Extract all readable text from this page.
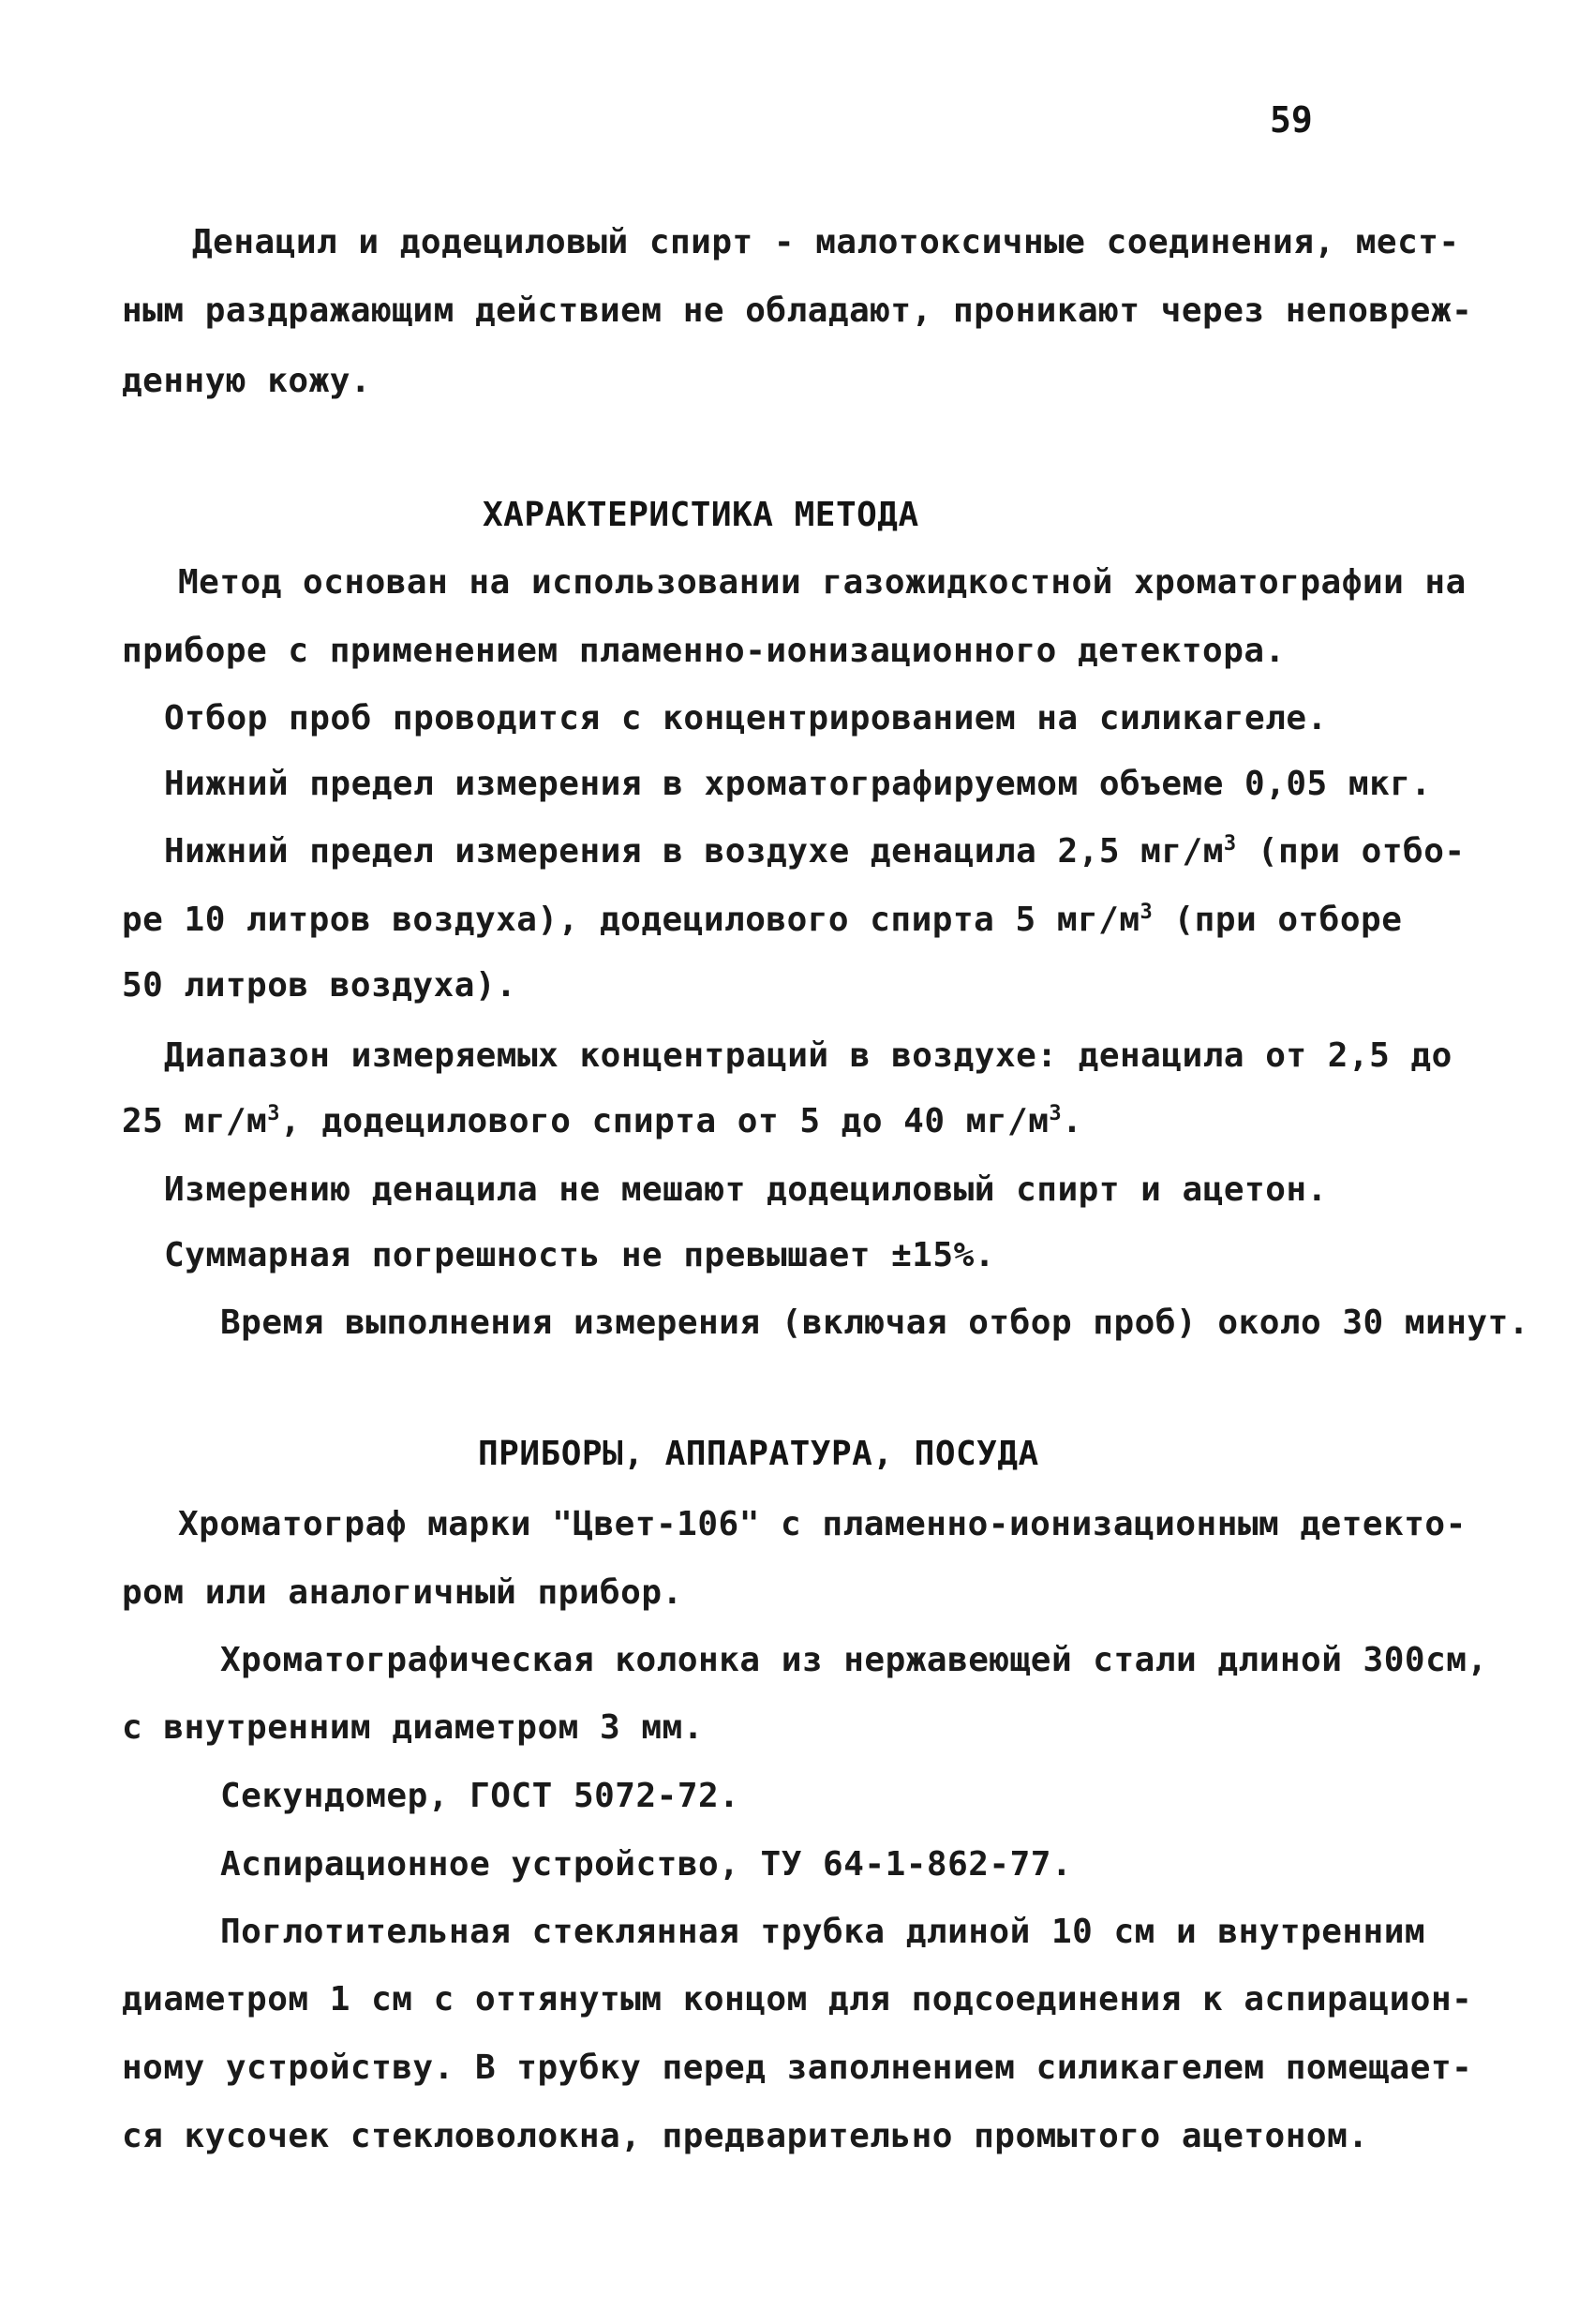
59
Денацил и додециловый спирт - малотоксичные соединения, мест-
ным раздражающим действием не обладают, проникают через неповреж-
денную кожу.
ХАРАКТЕРИСТИКА МЕТОДА
Метод основан на использовании газожидкостной хроматографии на
приборе с применением пламенно-ионизационного детектора.
Отбор проб проводится с концентрированием на силикагеле.
Нижний предел измерения в хроматографируемом объеме 0,05 мкг.
Нижний предел измерения в воздухе денацила 2,5 $мг/м^3$ (при отбо-
ре 10 литров воздуха), додецилового спирта 5 $мг/м^3$ (при отборе
50 литров воздуха).
Диапазон измеряемых концентраций в воздухе: денацила от 2,5 до
25 $мг/м^3$, додецилового спирта от 5 до 40 $мг/м^3$.
Измерению денацила не мешают додециловый спирт и ацетон.
Суммарная погрешность не превышает ±15%.
Время выполнения измерения (включая отбор проб) около 30 минут.
ПРИБОРЫ, АППАРАТУРА, ПОСУДА
Хроматограф марки "Цвет-106" с пламенно-ионизационным детекто-
ром или аналогичный прибор.
Хроматографическая колонка из нержавеющей стали длиной 300см,
с внутренним диаметром 3 мм.
Секундомер, ГОСТ 5072-72.
Аспирационное устройство, ТУ 64-1-862-77.
Поглотительная стеклянная трубка длиной 10 см и внутренним
диаметром 1 см с оттянутым концом для подсоединения к аспирацион-
ному устройству. В трубку перед заполнением силикагелем помещает-
ся кусочек стекловолокна, предварительно промытого ацетоном.
